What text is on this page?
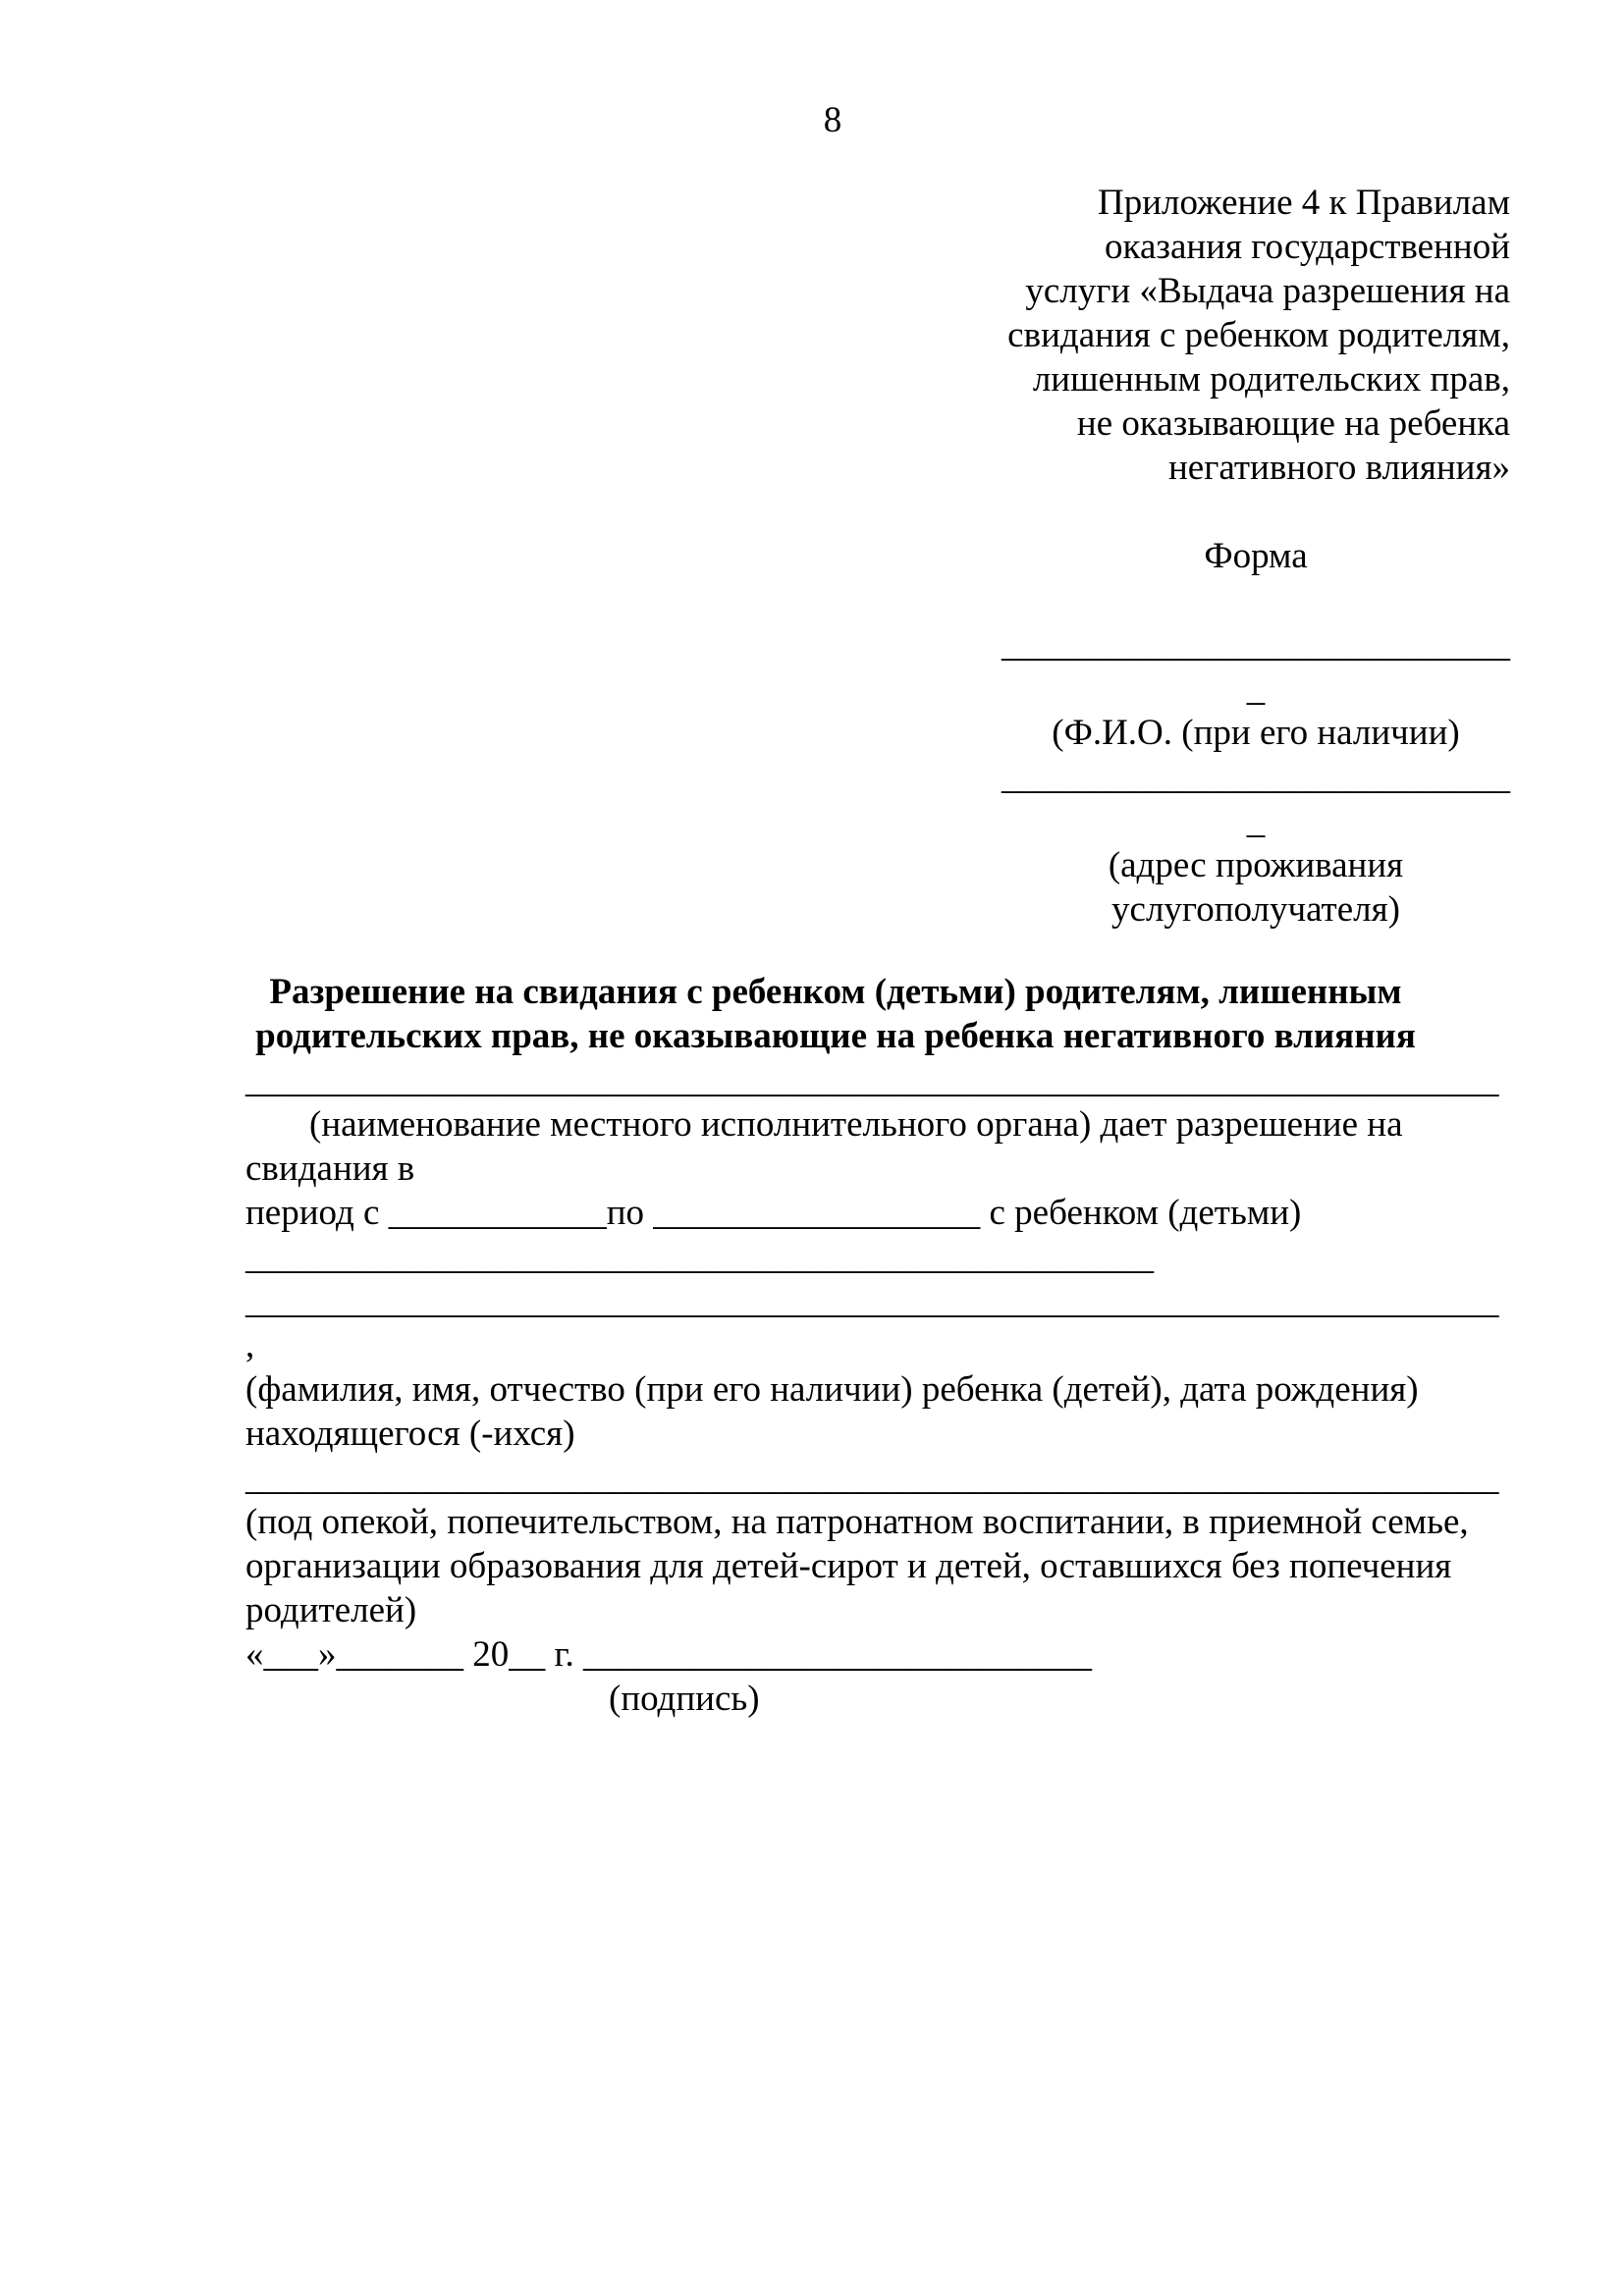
8
Приложение 4 к Правилам
оказания государственной
услуги «Выдача разрешения на
свидания с ребенком родителям,
лишенным родительских прав,
не оказывающие на ребенка
негативного влияния»
Форма
____________________________
_
(Ф.И.О. (при его наличии)
____________________________
_
(адрес проживания
услугополучателя)
Разрешение на свидания с ребенком (детьми) родителям, лишенным
родительских прав, не оказывающие на ребенка негативного влияния
_____________________________________________________________________
(наименование местного исполнительного органа) дает разрешение на
свидания в
период с ____________по __________________ с ребенком (детьми)
__________________________________________________
_____________________________________________________________________
,
(фамилия, имя, отчество (при его наличии) ребенка (детей), дата рождения)
находящегося (-ихся)
_____________________________________________________________________
(под опекой, попечительством, на патронатном воспитании, в приемной семье,
организации образования для детей-сирот и детей, оставшихся без попечения
родителей)
«___»_______ 20__ г. ____________________________
(подпись)
